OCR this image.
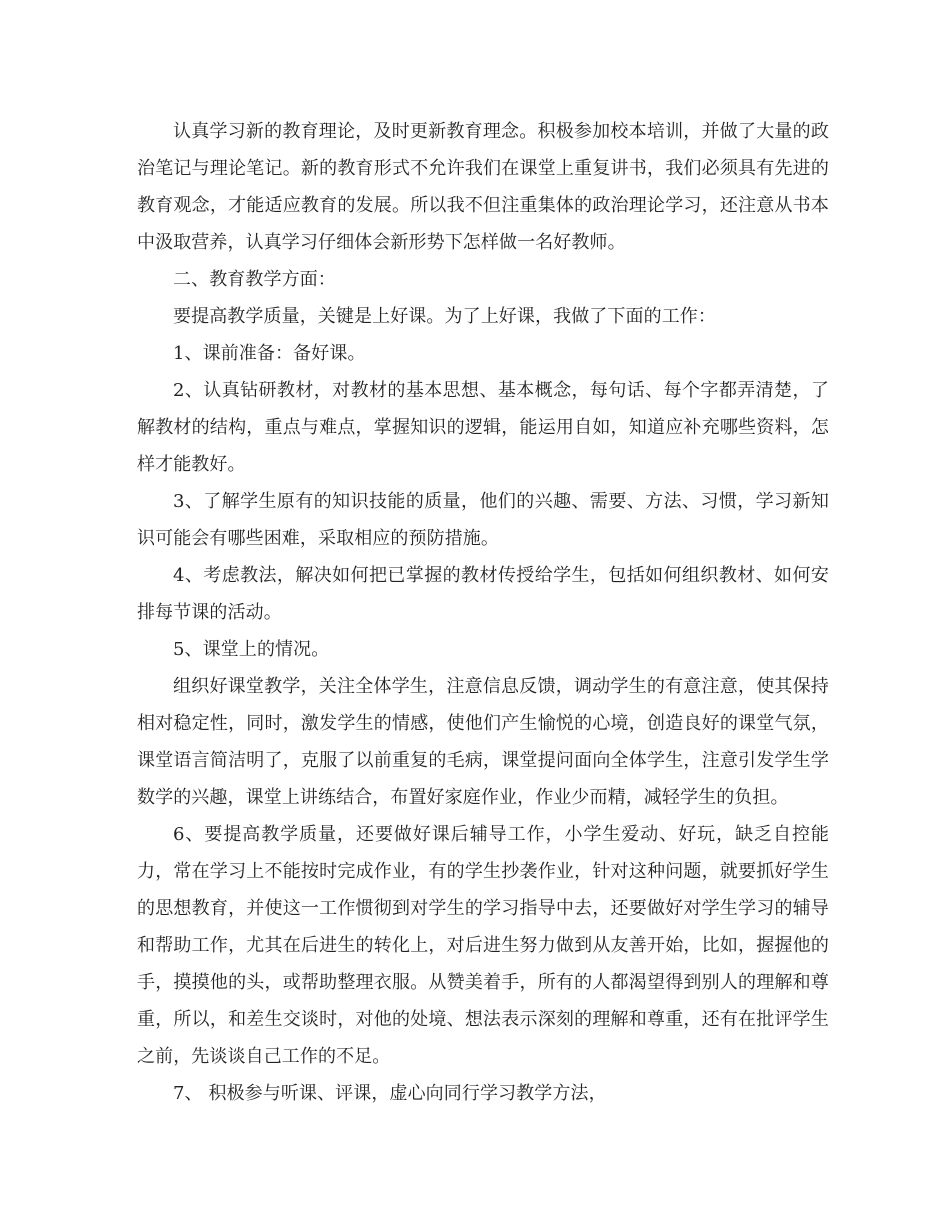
认真学习新的教育理论，及时更新教育理念。积极参加校本培训，并做了大量的政治笔记与理论笔记。新的教育形式不允许我们在课堂上重复讲书，我们必须具有先进的教育观念，才能适应教育的发展。所以我不但注重集体的政治理论学习，还注意从书本中汲取营养，认真学习仔细体会新形势下怎样做一名好教师。

二、教育教学方面：

要提高教学质量，关键是上好课。为了上好课，我做了下面的工作：

1、课前准备：备好课。

2、认真钻研教材，对教材的基本思想、基本概念，每句话、每个字都弄清楚，了解教材的结构，重点与难点，掌握知识的逻辑，能运用自如，知道应补充哪些资料，怎样才能教好。

3、了解学生原有的知识技能的质量，他们的兴趣、需要、方法、习惯，学习新知识可能会有哪些困难，采取相应的预防措施。

4、考虑教法，解决如何把已掌握的教材传授给学生，包括如何组织教材、如何安排每节课的活动。

5、课堂上的情况。

组织好课堂教学，关注全体学生，注意信息反馈，调动学生的有意注意，使其保持相对稳定性，同时，激发学生的情感，使他们产生愉悦的心境，创造良好的课堂气氛，课堂语言简洁明了，克服了以前重复的毛病，课堂提问面向全体学生，注意引发学生学数学的兴趣，课堂上讲练结合，布置好家庭作业，作业少而精，减轻学生的负担。

6、要提高教学质量，还要做好课后辅导工作，小学生爱动、好玩，缺乏自控能力，常在学习上不能按时完成作业，有的学生抄袭作业，针对这种问题，就要抓好学生的思想教育，并使这一工作惯彻到对学生的学习指导中去，还要做好对学生学习的辅导和帮助工作，尤其在后进生的转化上，对后进生努力做到从友善开始，比如，握握他的手，摸摸他的头，或帮助整理衣服。从赞美着手，所有的人都渴望得到别人的理解和尊重，所以，和差生交谈时，对他的处境、想法表示深刻的理解和尊重，还有在批评学生之前，先谈谈自己工作的不足。

7、 积极参与听课、评课，虚心向同行学习教学方法，
